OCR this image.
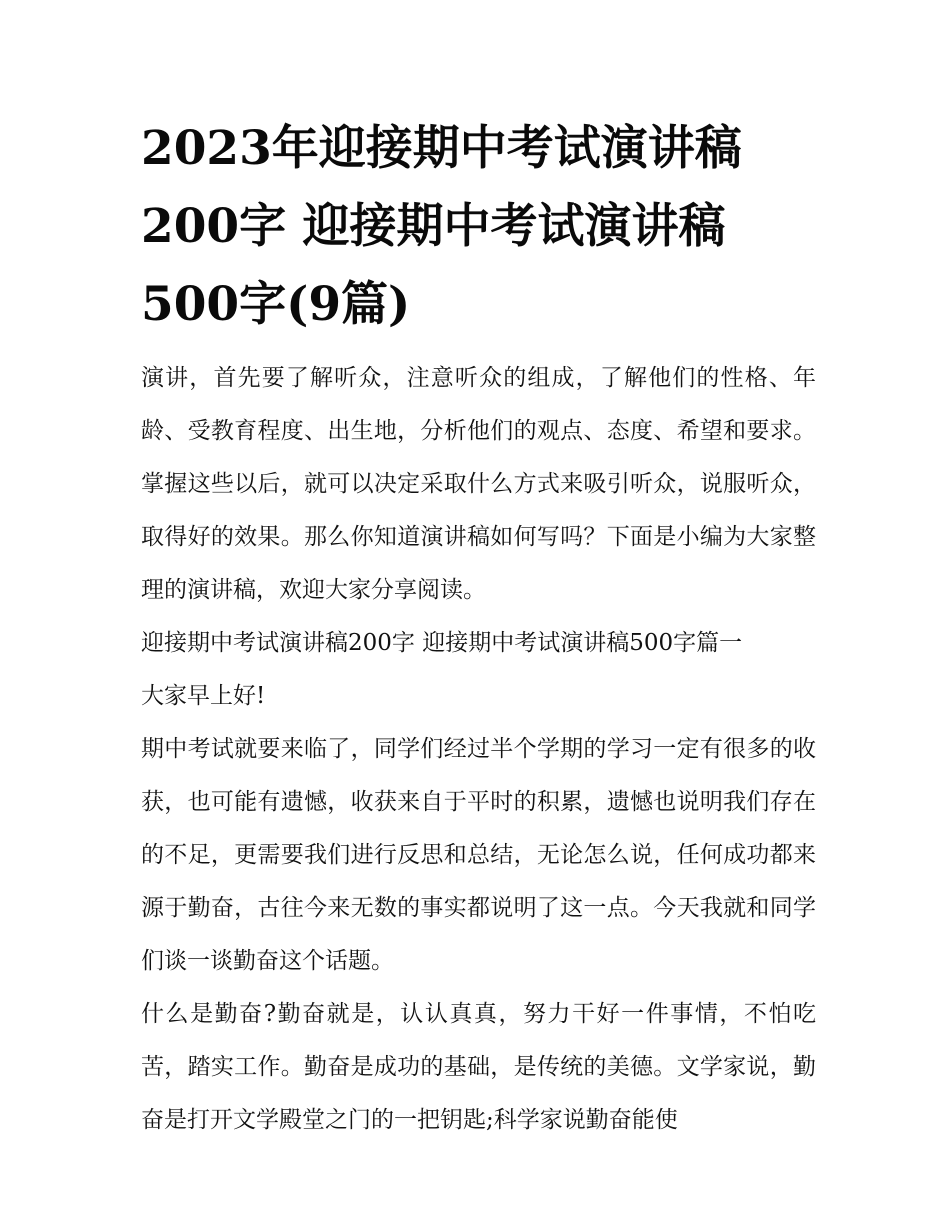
2023年迎接期中考试演讲稿200字 迎接期中考试演讲稿500字(9篇)

演讲，首先要了解听众，注意听众的组成，了解他们的性格、年龄、受教育程度、出生地，分析他们的观点、态度、希望和要求。掌握这些以后，就可以决定采取什么方式来吸引听众，说服听众，取得好的效果。那么你知道演讲稿如何写吗？下面是小编为大家整理的演讲稿，欢迎大家分享阅读。

迎接期中考试演讲稿200字 迎接期中考试演讲稿500字篇一

大家早上好!

期中考试就要来临了，同学们经过半个学期的学习一定有很多的收获，也可能有遗憾，收获来自于平时的积累，遗憾也说明我们存在的不足，更需要我们进行反思和总结，无论怎么说，任何成功都来源于勤奋，古往今来无数的事实都说明了这一点。今天我就和同学们谈一谈勤奋这个话题。

什么是勤奋?勤奋就是，认认真真，努力干好一件事情，不怕吃苦，踏实工作。勤奋是成功的基础，是传统的美德。文学家说，勤奋是打开文学殿堂之门的一把钥匙;科学家说勤奋能使
